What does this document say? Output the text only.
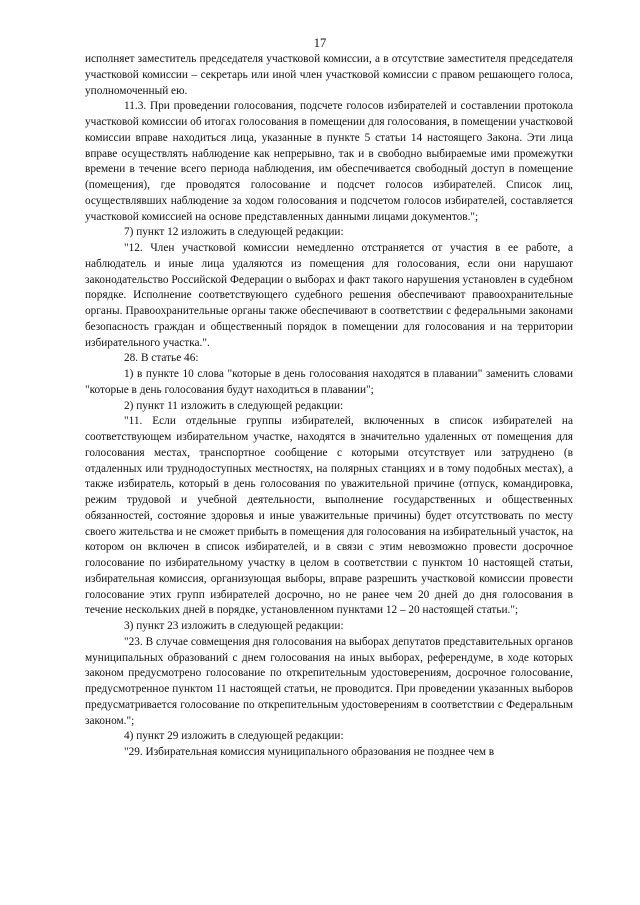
17

исполняет заместитель председателя участковой комиссии, а в отсутствие заместителя председателя участковой комиссии – секретарь или иной член участковой комиссии с правом решающего голоса, уполномоченный ею.

11.3. При проведении голосования, подсчете голосов избирателей и составлении протокола участковой комиссии об итогах голосования в помещении для голосования, в помещении участковой комиссии вправе находиться лица, указанные в пункте 5 статьи 14 настоящего Закона. Эти лица вправе осуществлять наблюдение как непрерывно, так и в свободно выбираемые ими промежутки времени в течение всего периода наблюдения, им обеспечивается свободный доступ в помещение (помещения), где проводятся голосование и подсчет голосов избирателей. Список лиц, осуществлявших наблюдение за ходом голосования и подсчетом голосов избирателей, составляется участковой комиссией на основе представленных данными лицами документов.";

7) пункт 12 изложить в следующей редакции:

"12. Член участковой комиссии немедленно отстраняется от участия в ее работе, а наблюдатель и иные лица удаляются из помещения для голосования, если они нарушают законодательство Российской Федерации о выборах и факт такого нарушения установлен в судебном порядке. Исполнение соответствующего судебного решения обеспечивают правоохранительные органы. Правоохранительные органы также обеспечивают в соответствии с федеральными законами безопасность граждан и общественный порядок в помещении для голосования и на территории избирательного участка.".

28. В статье 46:

1) в пункте 10 слова "которые в день голосования находятся в плавании" заменить словами "которые в день голосования будут находиться в плавании";

2) пункт 11 изложить в следующей редакции:

"11. Если отдельные группы избирателей, включенных в список избирателей на соответствующем избирательном участке, находятся в значительно удаленных от помещения для голосования местах, транспортное сообщение с которыми отсутствует или затруднено (в отдаленных или труднодоступных местностях, на полярных станциях и в тому подобных местах), а также избиратель, который в день голосования по уважительной причине (отпуск, командировка, режим трудовой и учебной деятельности, выполнение государственных и общественных обязанностей, состояние здоровья и иные уважительные причины) будет отсутствовать по месту своего жительства и не сможет прибыть в помещения для голосования на избирательный участок, на котором он включен в список избирателей, и в связи с этим невозможно провести досрочное голосование по избирательному участку в целом в соответствии с пунктом 10 настоящей статьи, избирательная комиссия, организующая выборы, вправе разрешить участковой комиссии провести голосование этих групп избирателей досрочно, но не ранее чем 20 дней до дня голосования в течение нескольких дней в порядке, установленном пунктами 12 – 20 настоящей статьи.";

3) пункт 23 изложить в следующей редакции:

"23. В случае совмещения дня голосования на выборах депутатов представительных органов муниципальных образований с днем голосования на иных выборах, референдуме, в ходе которых законом предусмотрено голосование по открепительным удостоверениям, досрочное голосование, предусмотренное пунктом 11 настоящей статьи, не проводится. При проведении указанных выборов предусматривается голосование по открепительным удостоверениям в соответствии с Федеральным законом.";

4) пункт 29 изложить в следующей редакции:

"29. Избирательная комиссия муниципального образования не позднее чем в
